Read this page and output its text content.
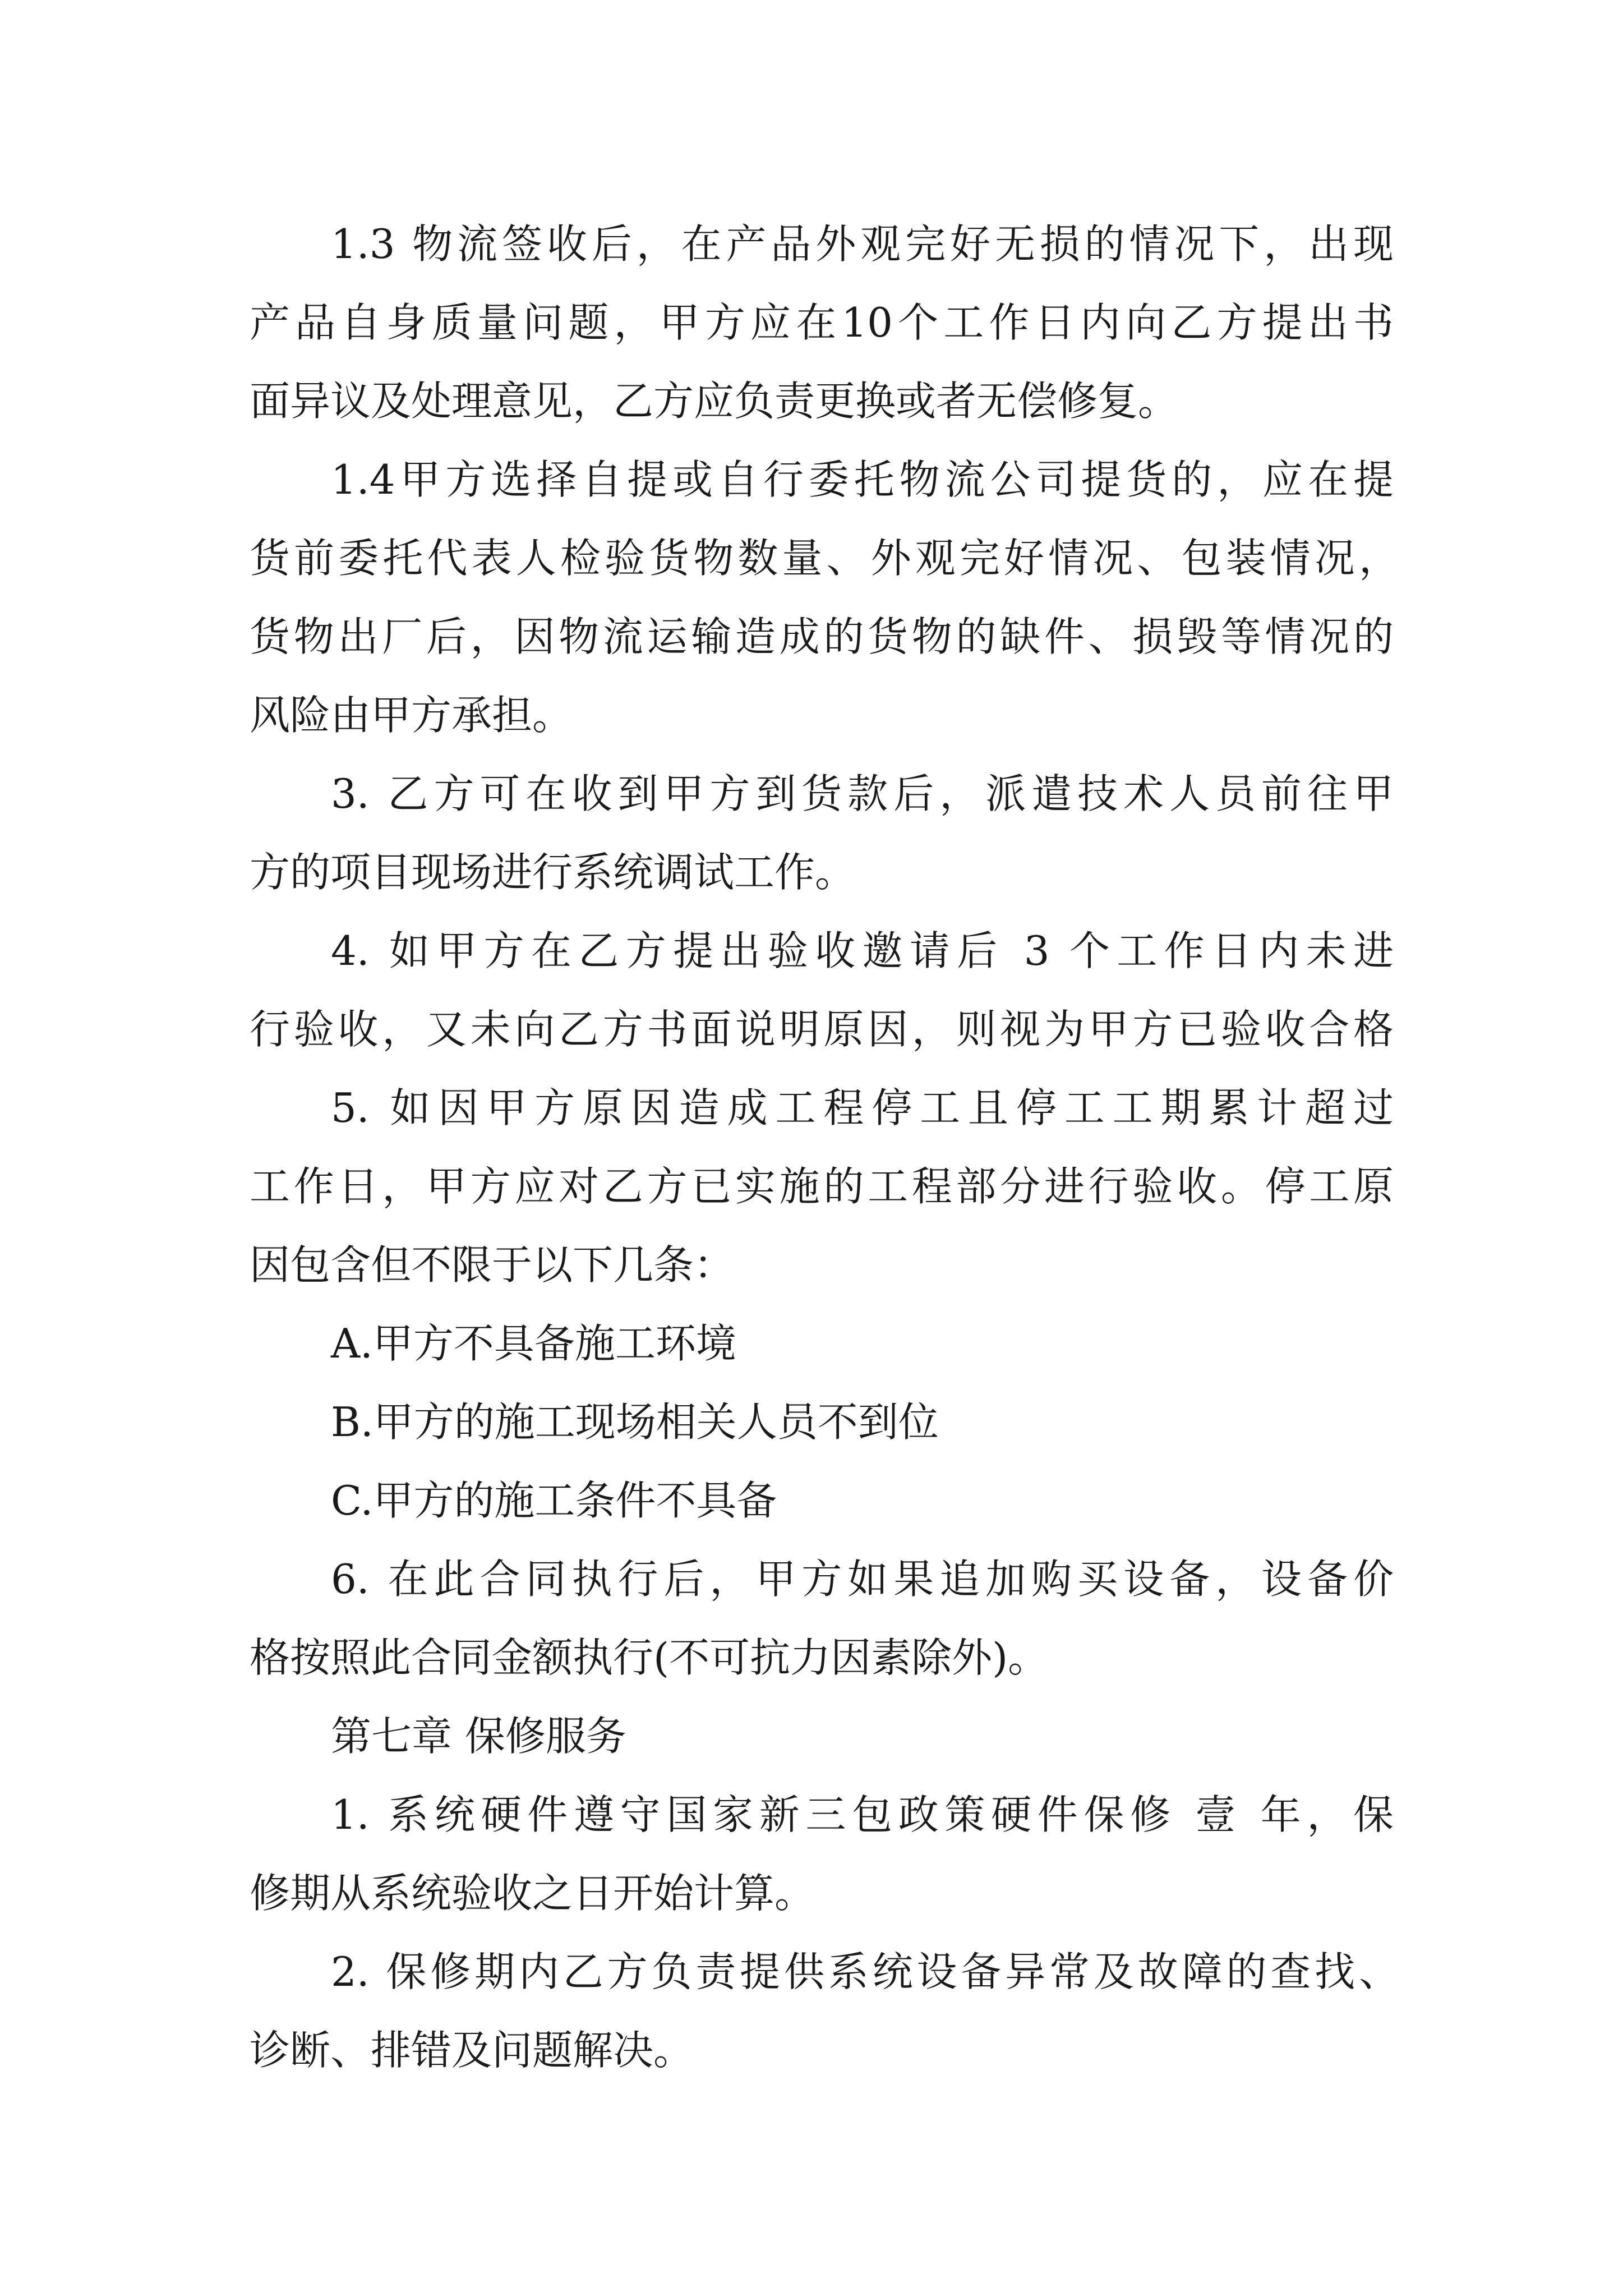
1.3 物流签收后，在产品外观完好无损的情况下，出现

产品自身质量问题，甲方应在10个工作日内向乙方提出书

面异议及处理意见，乙方应负责更换或者无偿修复。

1.4甲方选择自提或自行委托物流公司提货的，应在提

货前委托代表人检验货物数量、外观完好情况、包装情况，

货物出厂后，因物流运输造成的货物的缺件、损毁等情况的

风险由甲方承担。

3. 乙方可在收到甲方到货款后，派遣技术人员前往甲

方的项目现场进行系统调试工作。

4. 如甲方在乙方提出验收邀请后 3 个工作日内未进

行验收，又未向乙方书面说明原因，则视为甲方已验收合格

5. 如因甲方原因造成工程停工且停工工期累计超过

工作日，甲方应对乙方已实施的工程部分进行验收。停工原

因包含但不限于以下几条：

A.甲方不具备施工环境

B.甲方的施工现场相关人员不到位

C.甲方的施工条件不具备

6. 在此合同执行后，甲方如果追加购买设备，设备价

格按照此合同金额执行(不可抗力因素除外)。

第七章 保修服务

1. 系统硬件遵守国家新三包政策硬件保修 壹 年，保

修期从系统验收之日开始计算。

2. 保修期内乙方负责提供系统设备异常及故障的查找、

诊断、排错及问题解决。
